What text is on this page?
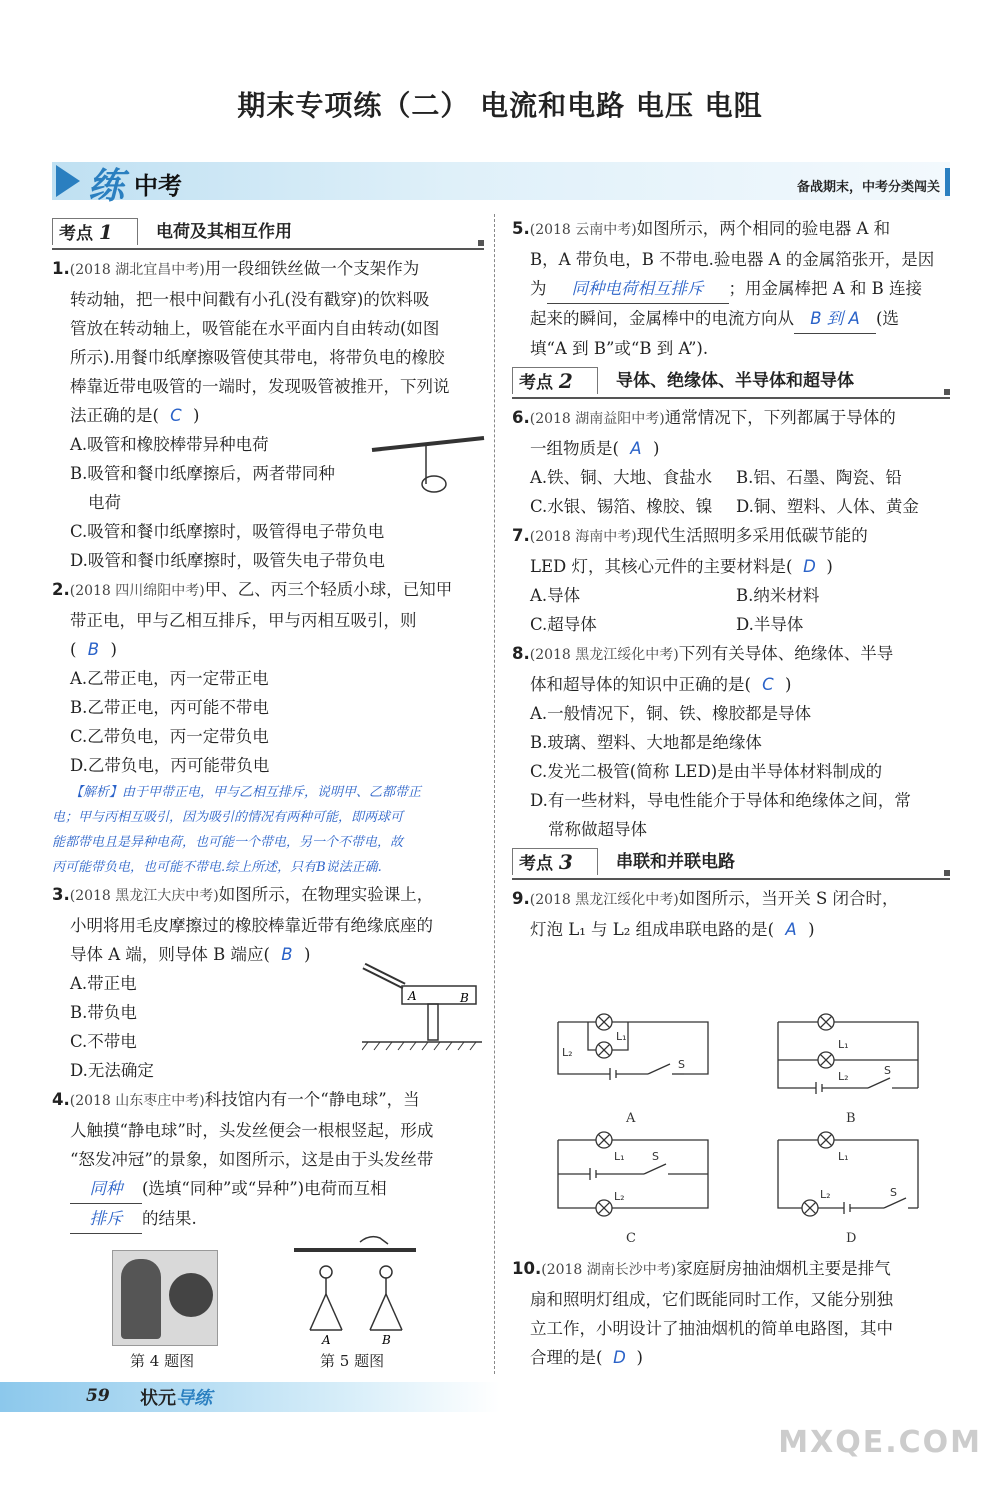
期末专项练（二） 电流和电路 电压 电阻
练 中考	备战期末，中考分类闯关
考点 1	电荷及其相互作用

1.(2018 湖北宜昌中考)用一段细铁丝做一个支架作为

转动轴，把一根中间戳有小孔(没有戳穿)的饮料吸

管放在转动轴上，吸管能在水平面内自由转动(如图

所示).用餐巾纸摩擦吸管使其带电，将带负电的橡胶

棒靠近带电吸管的一端时，发现吸管被推开，下列说

法正确的是( C )

A.吸管和橡胶棒带异种电荷

B.吸管和餐巾纸摩擦后，两者带同种

电荷

C.吸管和餐巾纸摩擦时，吸管得电子带负电

D.吸管和餐巾纸摩擦时，吸管失电子带负电

2.(2018 四川绵阳中考)甲、乙、丙三个轻质小球，已知甲

带正电，甲与乙相互排斥，甲与丙相互吸引，则

( B )

A.乙带正电，丙一定带正电

B.乙带正电，丙可能不带电

C.乙带负电，丙一定带负电

D.乙带负电，丙可能带负电

【解析】由于甲带正电，甲与乙相互排斥，说明甲、乙都带正

电；甲与丙相互吸引，因为吸引的情况有两种可能，即两球可

能都带电且是异种电荷，也可能一个带电，另一个不带电，故

丙可能带负电，也可能不带电.综上所述，只有B说法正确.

3.(2018 黑龙江大庆中考)如图所示，在物理实验课上，

小明将用毛皮摩擦过的橡胶棒靠近带有绝缘底座的

导体 A 端，则导体 B 端应( B )

A.带正电

B.带负电

C.不带电

D.无法确定

4.(2018 山东枣庄中考)科技馆内有一个“静电球”，当

人触摸“静电球”时，头发丝便会一根根竖起，形成

“怒发冲冠”的景象，如图所示，这是由于头发丝带

同种 (选填“同种”或“异种”)电荷而互相

排斥 的结果.

A	B
第 4 题图
A	B
第 5 题图

5.(2018 云南中考)如图所示，两个相同的验电器 A 和

B，A 带负电，B 不带电.验电器 A 的金属箔张开，是因

为 同种电荷相互排斥 ；用金属棒把 A 和 B 连接

起来的瞬间，金属棒中的电流方向从 B 到 A (选

填“A 到 B”或“B 到 A”).

考点 2	导体、绝缘体、半导体和超导体

6.(2018 湖南益阳中考)通常情况下，下列都属于导体的

一组物质是( A )

A.铁、铜、大地、食盐水 B.铝、石墨、陶瓷、铅

C.水银、锡箔、橡胶、镍 D.铜、塑料、人体、黄金

7.(2018 海南中考)现代生活照明多采用低碳节能的

LED 灯，其核心元件的主要材料是( D )

A.导体	B.纳米材料

C.超导体	D.半导体

8.(2018 黑龙江绥化中考)下列有关导体、绝缘体、半导

体和超导体的知识中正确的是( C )

A.一般情况下，铜、铁、橡胶都是导体

B.玻璃、塑料、大地都是绝缘体

C.发光二极管(简称 LED)是由半导体材料制成的

D.有一些材料，导电性能介于导体和绝缘体之间，常

常称做超导体

考点 3	串联和并联电路

9.(2018 黑龙江绥化中考)如图所示，当开关 S 闭合时，

灯泡 L₁ 与 L₂ 组成串联电路的是( A )

L₁
L₂
S
L₁
L₂	S
L₁
L₂
S	L₁
L₂	S
A	B
C	D

10.(2018 湖南长沙中考)家庭厨房抽油烟机主要是排气

扇和照明灯组成，它们既能同时工作，又能分别独

立工作，小明设计了抽油烟机的简单电路图，其中

合理的是( D )

59 状元导练
MXQE.COM
